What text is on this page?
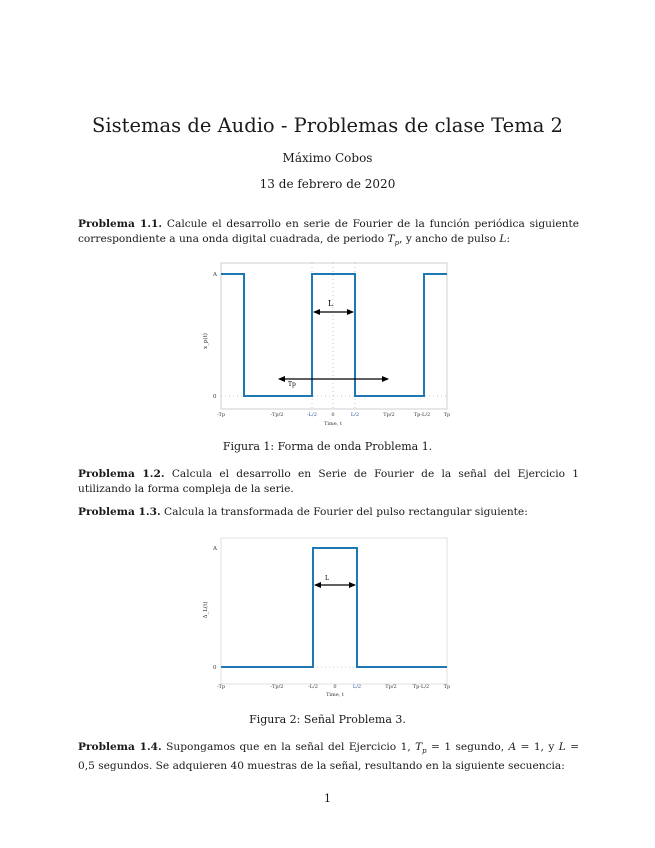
Sistemas de Audio - Problemas de clase Tema 2
Máximo Cobos
13 de febrero de 2020
Problema 1.1. Calcule el desarrollo en serie de Fourier de la función periódica siguiente correspondiente a una onda digital cuadrada, de periodo $T_p$, y ancho de pulso L:
L
Tp
A
0
-Tp	-Tp/2	-L/2	0	L/2	Tp/2	Tp-L/2	Tp
Time, t
x_p(t)
Figura 1: Forma de onda Problema 1.
Problema 1.2. Calcula el desarrollo en Serie de Fourier de la señal del Ejercicio 1 utilizando la forma compleja de la serie.
Problema 1.3. Calcula la transformada de Fourier del pulso rectangular siguiente:
L
A
0
-Tp	-Tp/2	-L/2	0	L/2	Tp/2	Tp-L/2	Tp
Time, t
Δ_L(t)
Figura 2: Señal Problema 3.
Problema 1.4. Supongamos que en la señal del Ejercicio 1, $T_p = 1$ segundo, A = 1, y L = 0,5 segundos. Se adquieren 40 muestras de la señal, resultando en la siguiente secuencia:
1
